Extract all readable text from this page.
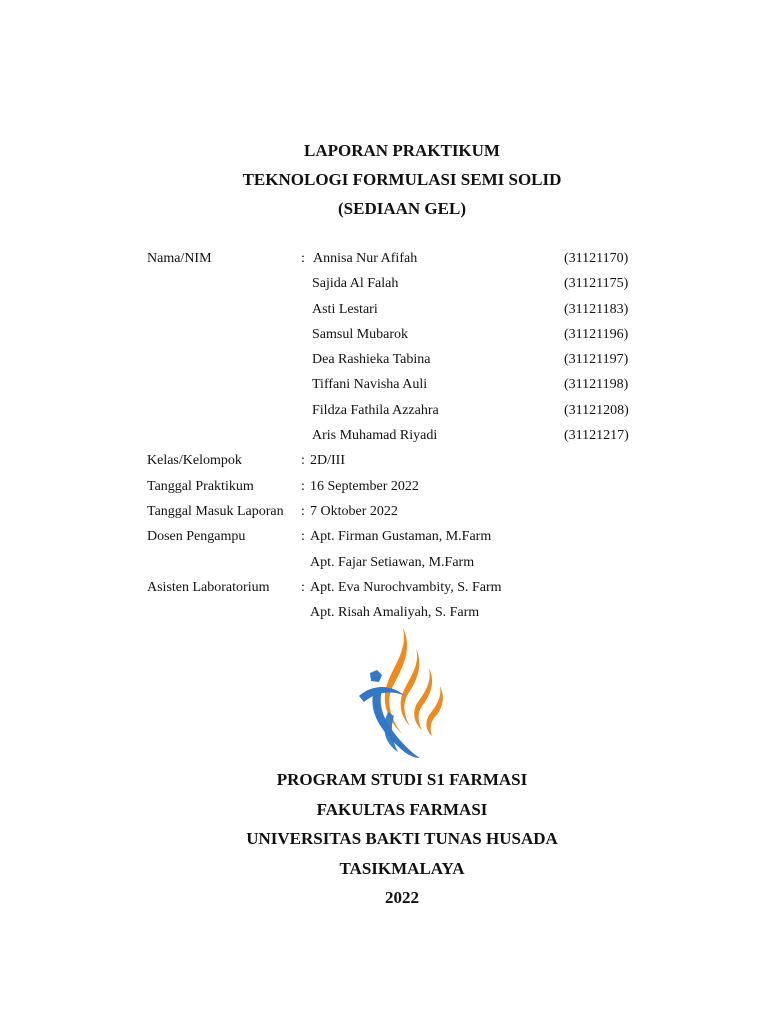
LAPORAN PRAKTIKUM
TEKNOLOGI FORMULASI SEMI SOLID
(SEDIAAN GEL)
Nama/NIM	: Annisa Nur Afifah	(31121170)
Sajida Al Falah	(31121175)
Asti Lestari	(31121183)
Samsul Mubarok	(31121196)
Dea Rashieka Tabina	(31121197)
Tiffani Navisha Auli	(31121198)
Fildza Fathila Azzahra	(31121208)
Aris Muhamad Riyadi	(31121217)
Kelas/Kelompok	: 2D/III
Tanggal Praktikum	: 16 September 2022
Tanggal Masuk Laporan : 7 Oktober 2022
Dosen Pengampu	: Apt. Firman Gustaman, M.Farm
Apt. Fajar Setiawan, M.Farm
Asisten Laboratorium : Apt. Eva Nurochvambity, S. Farm
Apt. Risah Amaliyah, S. Farm
PROGRAM STUDI S1 FARMASI
FAKULTAS FARMASI
UNIVERSITAS BAKTI TUNAS HUSADA
TASIKMALAYA
2022
